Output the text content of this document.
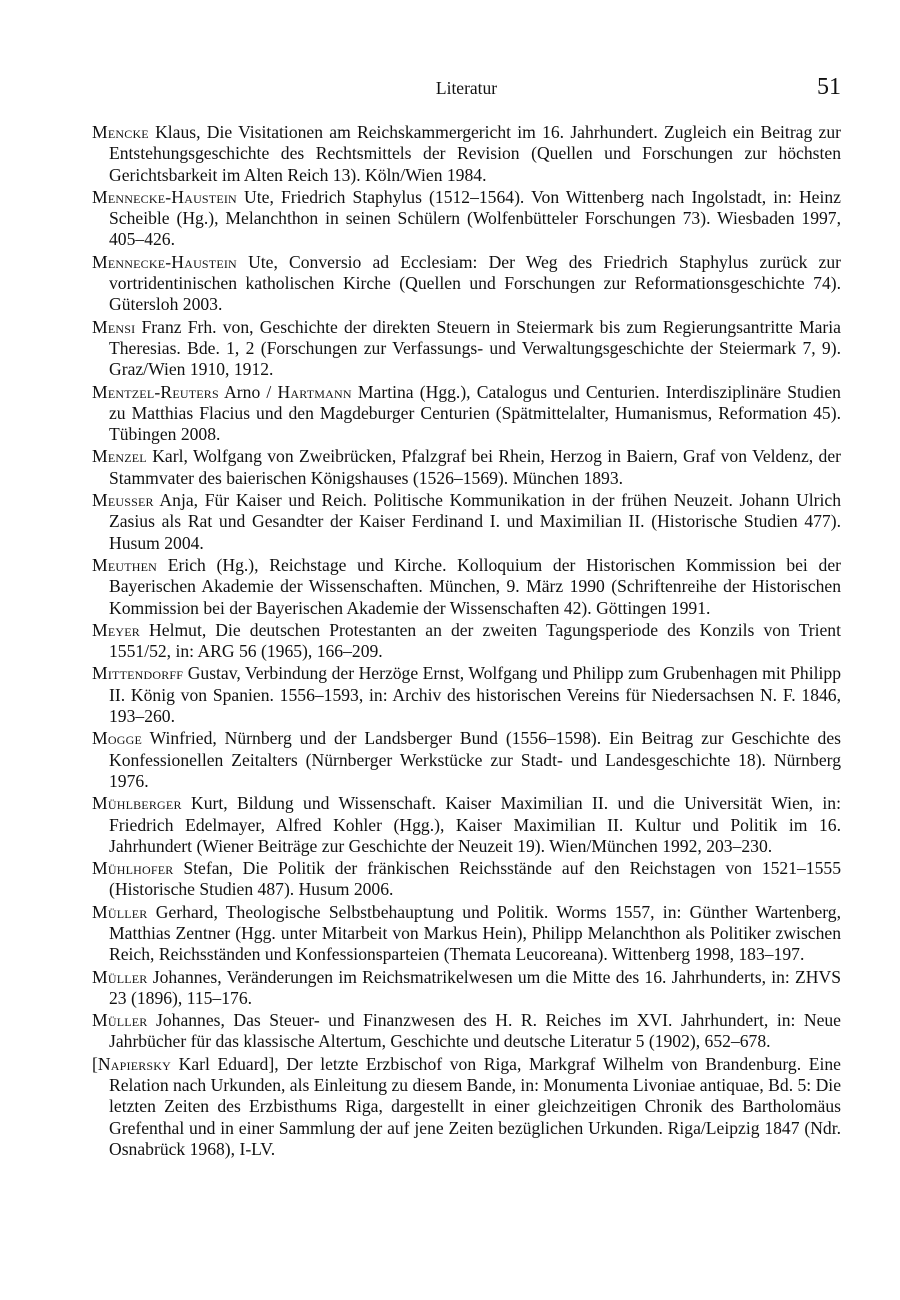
Literatur	51
Mencke Klaus, Die Visitationen am Reichskammergericht im 16. Jahrhundert. Zugleich ein Beitrag zur Entstehungsgeschichte des Rechtsmittels der Revision (Quellen und Forschungen zur höchsten Gerichtsbarkeit im Alten Reich 13). Köln/Wien 1984.
Mennecke-Haustein Ute, Friedrich Staphylus (1512–1564). Von Wittenberg nach Ingolstadt, in: Heinz Scheible (Hg.), Melanchthon in seinen Schülern (Wolfenbütteler Forschungen 73). Wiesbaden 1997, 405–426.
Mennecke-Haustein Ute, Conversio ad Ecclesiam: Der Weg des Friedrich Staphylus zurück zur vortridentinischen katholischen Kirche (Quellen und Forschungen zur Reformationsgeschichte 74). Gütersloh 2003.
Mensi Franz Frh. von, Geschichte der direkten Steuern in Steiermark bis zum Regierungsantritte Maria Theresias. Bde. 1, 2 (Forschungen zur Verfassungs- und Verwaltungsgeschichte der Steiermark 7, 9). Graz/Wien 1910, 1912.
Mentzel-Reuters Arno / Hartmann Martina (Hgg.), Catalogus und Centurien. Interdisziplinäre Studien zu Matthias Flacius und den Magdeburger Centurien (Spätmittelalter, Humanismus, Reformation 45). Tübingen 2008.
Menzel Karl, Wolfgang von Zweibrücken, Pfalzgraf bei Rhein, Herzog in Baiern, Graf von Veldenz, der Stammvater des baierischen Königshauses (1526–1569). München 1893.
Meusser Anja, Für Kaiser und Reich. Politische Kommunikation in der frühen Neuzeit. Johann Ulrich Zasius als Rat und Gesandter der Kaiser Ferdinand I. und Maximilian II. (Historische Studien 477). Husum 2004.
Meuthen Erich (Hg.), Reichstage und Kirche. Kolloquium der Historischen Kommission bei der Bayerischen Akademie der Wissenschaften. München, 9. März 1990 (Schriftenreihe der Historischen Kommission bei der Bayerischen Akademie der Wissenschaften 42). Göttingen 1991.
Meyer Helmut, Die deutschen Protestanten an der zweiten Tagungsperiode des Konzils von Trient 1551/52, in: ARG 56 (1965), 166–209.
Mittendorff Gustav, Verbindung der Herzöge Ernst, Wolfgang und Philipp zum Grubenhagen mit Philipp II. König von Spanien. 1556–1593, in: Archiv des historischen Vereins für Niedersachsen N. F. 1846, 193–260.
Mogge Winfried, Nürnberg und der Landsberger Bund (1556–1598). Ein Beitrag zur Geschichte des Konfessionellen Zeitalters (Nürnberger Werkstücke zur Stadt- und Landesgeschichte 18). Nürnberg 1976.
Mühlberger Kurt, Bildung und Wissenschaft. Kaiser Maximilian II. und die Universität Wien, in: Friedrich Edelmayer, Alfred Kohler (Hgg.), Kaiser Maximilian II. Kultur und Politik im 16. Jahrhundert (Wiener Beiträge zur Geschichte der Neuzeit 19). Wien/München 1992, 203–230.
Mühlhofer Stefan, Die Politik der fränkischen Reichsstände auf den Reichstagen von 1521–1555 (Historische Studien 487). Husum 2006.
Müller Gerhard, Theologische Selbstbehauptung und Politik. Worms 1557, in: Günther Wartenberg, Matthias Zentner (Hgg. unter Mitarbeit von Markus Hein), Philipp Melanchthon als Politiker zwischen Reich, Reichsständen und Konfessionsparteien (Themata Leucoreana). Wittenberg 1998, 183–197.
Müller Johannes, Veränderungen im Reichsmatrikelwesen um die Mitte des 16. Jahrhunderts, in: ZHVS 23 (1896), 115–176.
Müller Johannes, Das Steuer- und Finanzwesen des H. R. Reiches im XVI. Jahrhundert, in: Neue Jahrbücher für das klassische Altertum, Geschichte und deutsche Literatur 5 (1902), 652–678.
[Napiersky Karl Eduard], Der letzte Erzbischof von Riga, Markgraf Wilhelm von Brandenburg. Eine Relation nach Urkunden, als Einleitung zu diesem Bande, in: Monumenta Livoniae antiquae, Bd. 5: Die letzten Zeiten des Erzbisthums Riga, dargestellt in einer gleichzeitigen Chronik des Bartholomäus Grefenthal und in einer Sammlung der auf jene Zeiten bezüglichen Urkunden. Riga/Leipzig 1847 (Ndr. Osnabrück 1968), I-LV.
